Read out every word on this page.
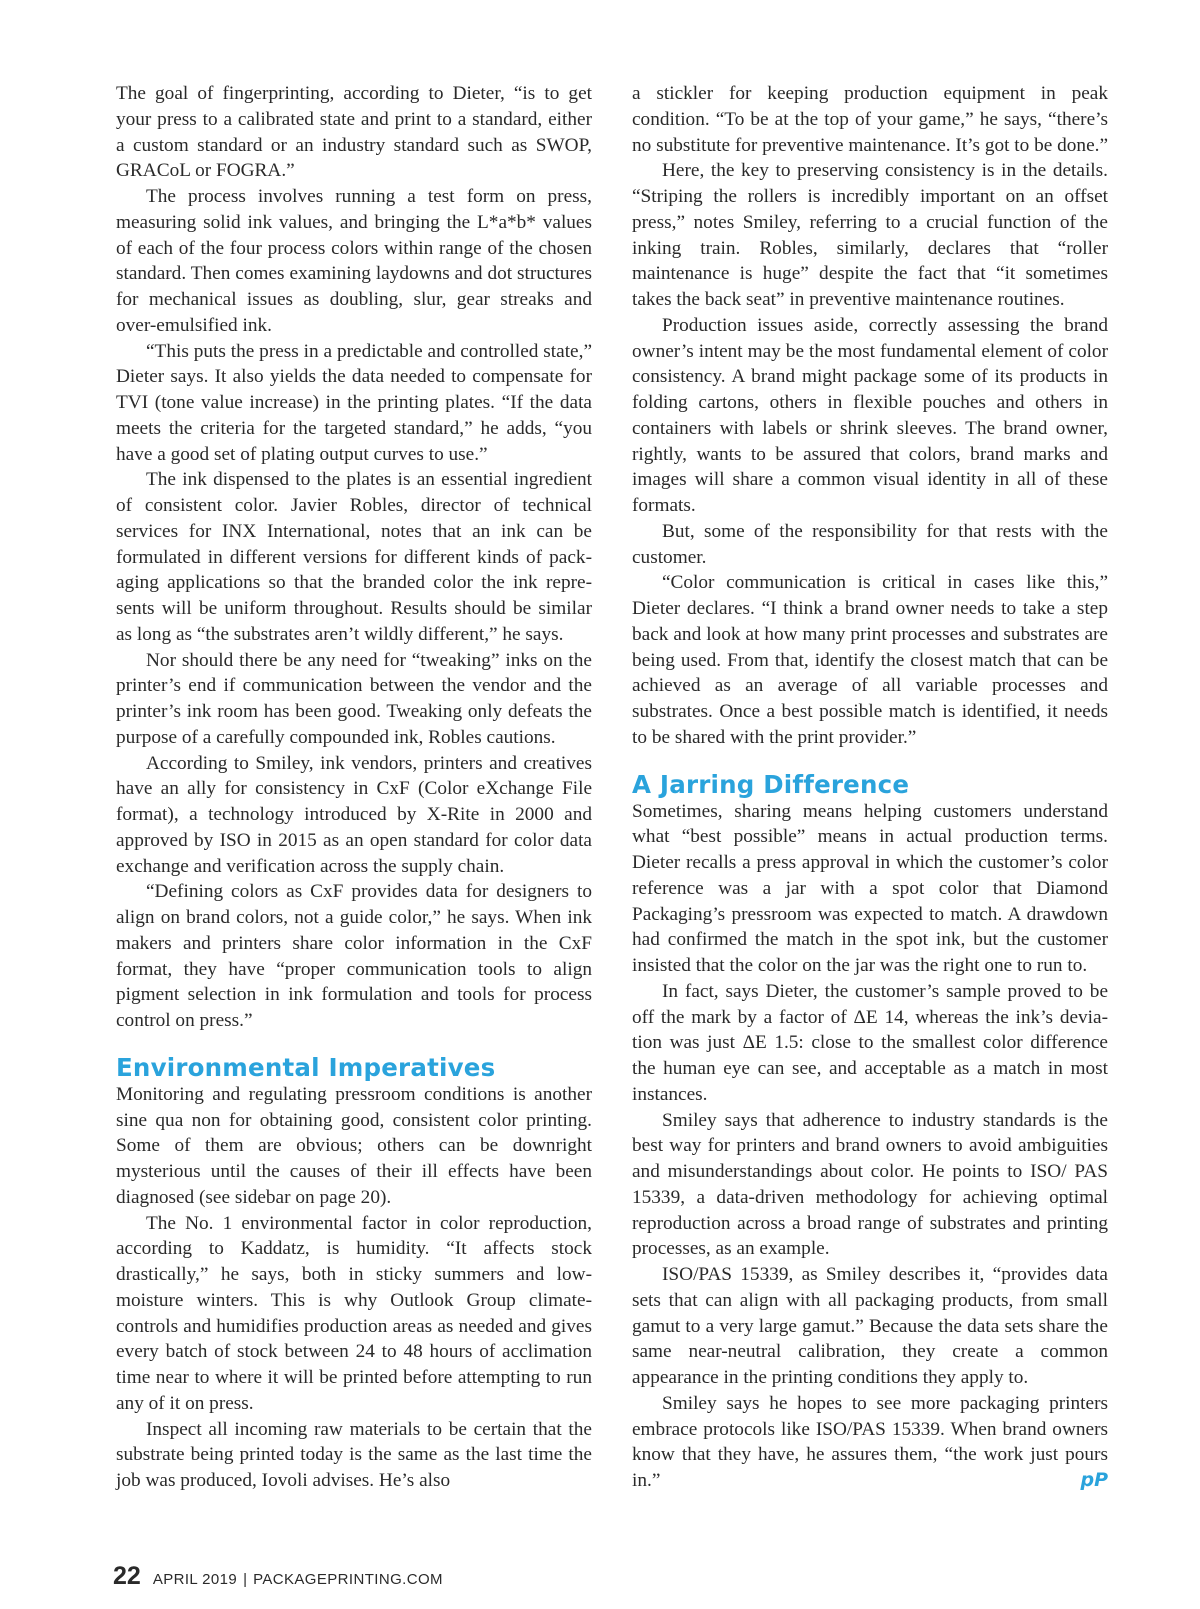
The goal of fingerprinting, according to Dieter, “is to get your press to a calibrated state and print to a standard, either a custom standard or an industry standard such as SWOP, GRACoL or FOGRA.”

The process involves running a test form on press, measuring solid ink values, and bringing the L*a*b* values of each of the four process colors within range of the chosen standard. Then comes examining laydowns and dot structures for mechanical issues as doubling, slur, gear streaks and over-emulsified ink.

“This puts the press in a predictable and controlled state,” Dieter says. It also yields the data needed to compensate for TVI (tone value increase) in the printing plates. “If the data meets the criteria for the targeted standard,” he adds, “you have a good set of plating output curves to use.”

The ink dispensed to the plates is an essential ingredient of consistent color. Javier Robles, director of technical services for INX International, notes that an ink can be formulated in different versions for different kinds of packaging applications so that the branded color the ink represents will be uniform throughout. Results should be similar as long as “the substrates aren’t wildly different,” he says.

Nor should there be any need for “tweaking” inks on the printer’s end if communication between the vendor and the printer’s ink room has been good. Tweaking only defeats the purpose of a carefully compounded ink, Robles cautions.

According to Smiley, ink vendors, printers and creatives have an ally for consistency in CxF (Color eXchange File format), a technology introduced by X-Rite in 2000 and approved by ISO in 2015 as an open standard for color data exchange and verification across the supply chain.

“Defining colors as CxF provides data for designers to align on brand colors, not a guide color,” he says. When ink makers and printers share color information in the CxF format, they have “proper communication tools to align pigment selection in ink formulation and tools for process control on press.”

Environmental Imperatives

Monitoring and regulating pressroom conditions is another sine qua non for obtaining good, consistent color printing. Some of them are obvious; others can be downright mysterious until the causes of their ill effects have been diagnosed (see sidebar on page 20).

The No. 1 environmental factor in color reproduction, according to Kaddatz, is humidity. “It affects stock drastically,” he says, both in sticky summers and low-moisture winters. This is why Outlook Group climate-controls and humidifies production areas as needed and gives every batch of stock between 24 to 48 hours of acclimation time near to where it will be printed before attempting to run any of it on press.

Inspect all incoming raw materials to be certain that the substrate being printed today is the same as the last time the job was produced, Iovoli advises. He’s also

a stickler for keeping production equipment in peak condition. “To be at the top of your game,” he says, “there’s no substitute for preventive maintenance. It’s got to be done.”

Here, the key to preserving consistency is in the details. “Striping the rollers is incredibly important on an offset press,” notes Smiley, referring to a crucial function of the inking train. Robles, similarly, declares that “roller maintenance is huge” despite the fact that “it sometimes takes the back seat” in preventive maintenance routines.

Production issues aside, correctly assessing the brand owner’s intent may be the most fundamental element of color consistency. A brand might package some of its products in folding cartons, others in flexible pouches and others in containers with labels or shrink sleeves. The brand owner, rightly, wants to be assured that colors, brand marks and images will share a common visual identity in all of these formats.

But, some of the responsibility for that rests with the customer.

“Color communication is critical in cases like this,” Dieter declares. “I think a brand owner needs to take a step back and look at how many print processes and substrates are being used. From that, identify the closest match that can be achieved as an average of all variable processes and substrates. Once a best possible match is identified, it needs to be shared with the print provider.”

A Jarring Difference

Sometimes, sharing means helping customers understand what “best possible” means in actual production terms. Dieter recalls a press approval in which the customer’s color reference was a jar with a spot color that Diamond Packaging’s pressroom was expected to match. A drawdown had confirmed the match in the spot ink, but the customer insisted that the color on the jar was the right one to run to.

In fact, says Dieter, the customer’s sample proved to be off the mark by a factor of ΔE 14, whereas the ink’s deviation was just ΔE 1.5: close to the smallest color difference the human eye can see, and acceptable as a match in most instances.

Smiley says that adherence to industry standards is the best way for printers and brand owners to avoid ambiguities and misunderstandings about color. He points to ISO/ PAS 15339, a data-driven methodology for achieving optimal reproduction across a broad range of substrates and printing processes, as an example.

ISO/PAS 15339, as Smiley describes it, “provides data sets that can align with all packaging products, from small gamut to a very large gamut.” Because the data sets share the same near-neutral calibration, they create a common appearance in the printing conditions they apply to.

Smiley says he hopes to see more packaging printers embrace protocols like ISO/PAS 15339. When brand owners know that they have, he assures them, “the work just pours in.”	pP

22 APRIL 2019 | PACKAGEPRINTING.COM
